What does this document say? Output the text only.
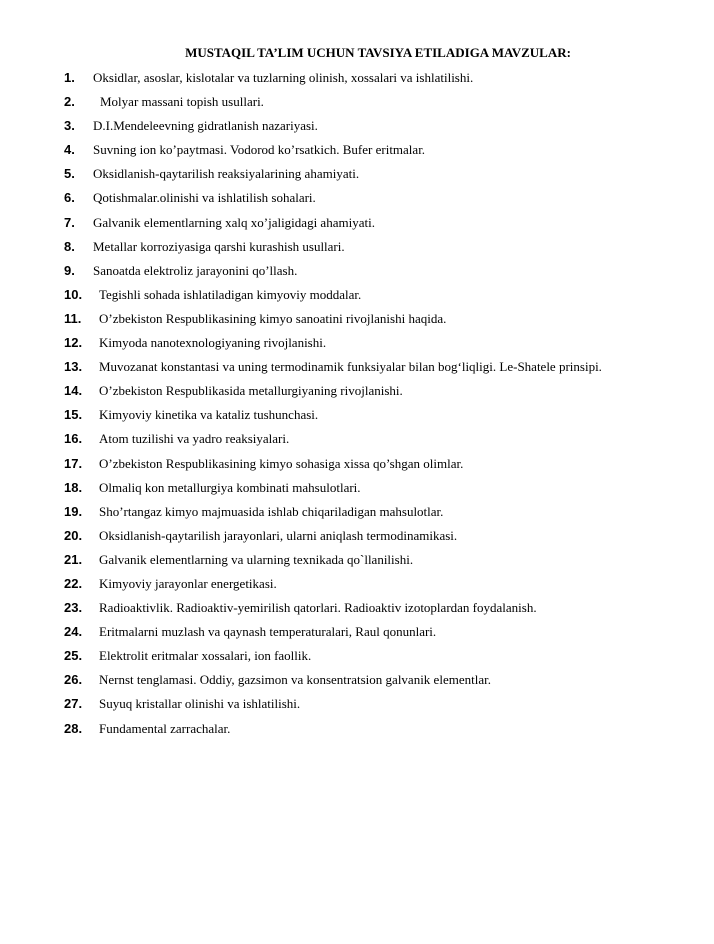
MUSTAQIL TA’LIM UCHUN TAVSIYA ETILADIGA MAVZULAR:
1. Oksidlar, asoslar, kislotalar va tuzlarning olinish, xossalari va ishlatilishi.
2. Molyar massani topish usullari.
3. D.I.Mendeleevning gidratlanish nazariyasi.
4. Suvning ion ko’paytmasi. Vodorod ko’rsatkich. Bufer eritmalar.
5. Oksidlanish-qaytarilish reaksiyalarining ahamiyati.
6. Qotishmalar.olinishi va ishlatilish sohalari.
7. Galvanik elementlarning xalq xo’jaligidagi ahamiyati.
8. Metallar korroziyasiga qarshi kurashish usullari.
9. Sanoatda elektroliz jarayonini qo’llash.
10. Tegishli sohada ishlatiladigan kimyoviy moddalar.
11. O’zbekiston Respublikasining kimyo sanoatini rivojlanishi haqida.
12. Kimyoda nanotexnologiyaning rivojlanishi.
13. Muvozanat konstantasi va uning termodinamik funksiyalar bilan bog‘liqligi. Le-Shatele prinsipi.
14. O’zbekiston Respublikasida metallurgiyaning rivojlanishi.
15. Kimyoviy kinetika va kataliz tushunchasi.
16. Atom tuzilishi va yadro reaksiyalari.
17. O’zbekiston Respublikasining kimyo sohasiga xissa qo’shgan olimlar.
18. Olmaliq kon metallurgiya kombinati mahsulotlari.
19. Sho’rtangaz kimyo majmuasida ishlab chiqariladigan mahsulotlar.
20. Oksidlanish-qaytarilish jarayonlari, ularni aniqlash termodinamikasi.
21. Galvanik elementlarning va ularning texnikada qo`llanilishi.
22. Kimyoviy jarayonlar energetikasi.
23. Radioaktivlik. Radioaktiv-yemirilish qatorlari. Radioaktiv izotoplardan foydalanish.
24. Eritmalarni muzlash va qaynash temperaturalari, Raul qonunlari.
25. Elektrolit eritmalar xossalari, ion faollik.
26. Nernst tenglamasi. Oddiy, gazsimon va konsentratsion galvanik elementlar.
27. Suyuq kristallar olinishi va ishlatilishi.
28. Fundamental zarrachalar.
